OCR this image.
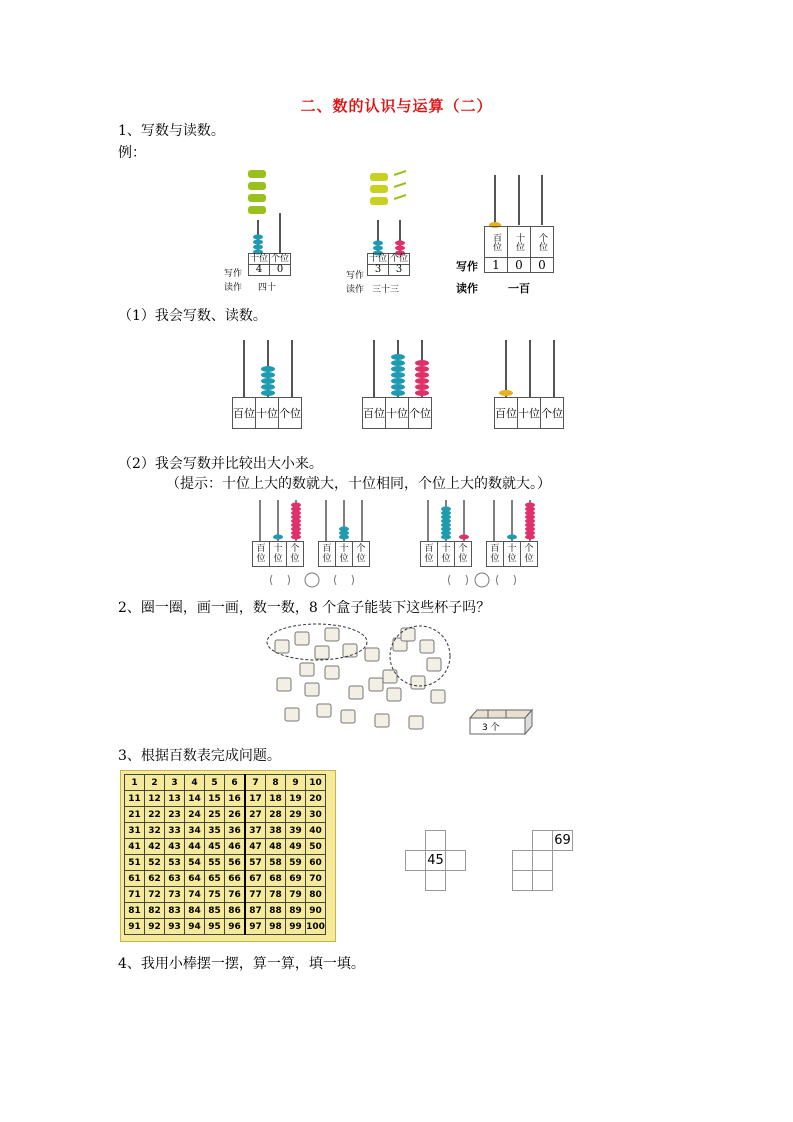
二、数的认识与运算（二）
1、写数与读数。
例：
十位	个位
4	0
写作
读作 四十
十位	个位
3	3
写作
读作 三十三
百位	十位	个位
1	0	0
写作
读作	一百
（1）我会写数、读数。
百位	十位	个位	百位	十位	个位	百位	十位	个位
（2）我会写数并比较出大小来。
（提示：十位上大的数就大，十位相同，个位上大的数就大。）
百位	十位	个位
百位	十位	个位
百位	十位	个位
百位	十位	个位
2、圈一圈，画一画，数一数，8 个盒子能装下这些杯子吗？
3 个
3、根据百数表完成问题。
1	2	3	4	5	6	7	8	9	10
11	12	13	14	15	16	17	18	19	20
21	22	23	24	25	26	27	28	29	30
31	32	33	34	35	36	37	38	39	40
41	42	43	44	45	46	47	48	49	50
51	52	53	54	55	56	57	58	59	60
61	62	63	64	65	66	67	68	69	70
71	72	73	74	75	76	77	78	79	80
81	82	83	84	85	86	87	88	89	90
91	92	93	94	95	96	97	98	99	100

	45	

		69

4、我用小棒摆一摆，算一算，填一填。
